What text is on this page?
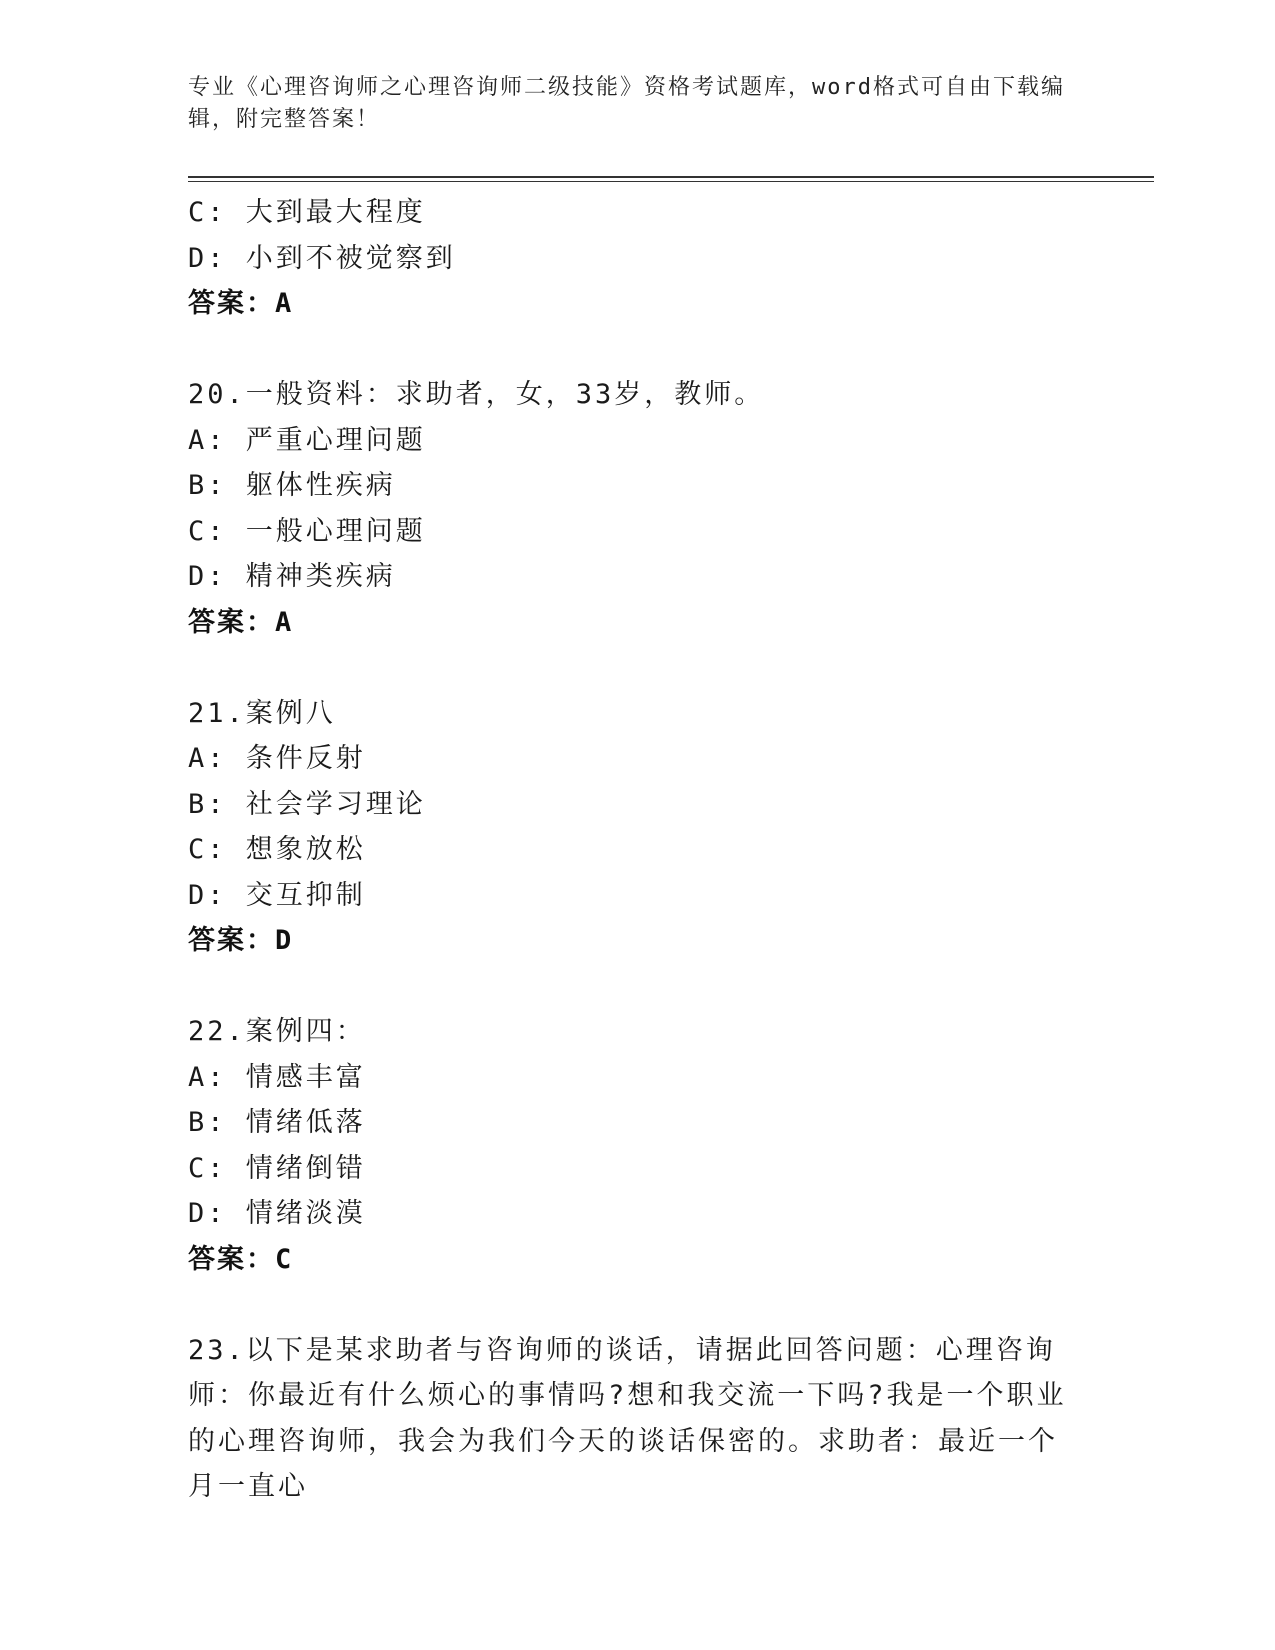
专业《心理咨询师之心理咨询师二级技能》资格考试题库，word格式可自由下载编辑，附完整答案！
C: 大到最大程度
D: 小到不被觉察到
答案：A
20.一般资料：求助者，女，33岁，教师。
A: 严重心理问题
B: 躯体性疾病
C: 一般心理问题
D: 精神类疾病
答案：A
21.案例八
A: 条件反射
B: 社会学习理论
C: 想象放松
D: 交互抑制
答案：D
22.案例四：
A: 情感丰富
B: 情绪低落
C: 情绪倒错
D: 情绪淡漠
答案：C
23.以下是某求助者与咨询师的谈话，请据此回答问题：心理咨询师：你最近有什么烦心的事情吗?想和我交流一下吗?我是一个职业的心理咨询师，我会为我们今天的谈话保密的。求助者：最近一个月一直心
